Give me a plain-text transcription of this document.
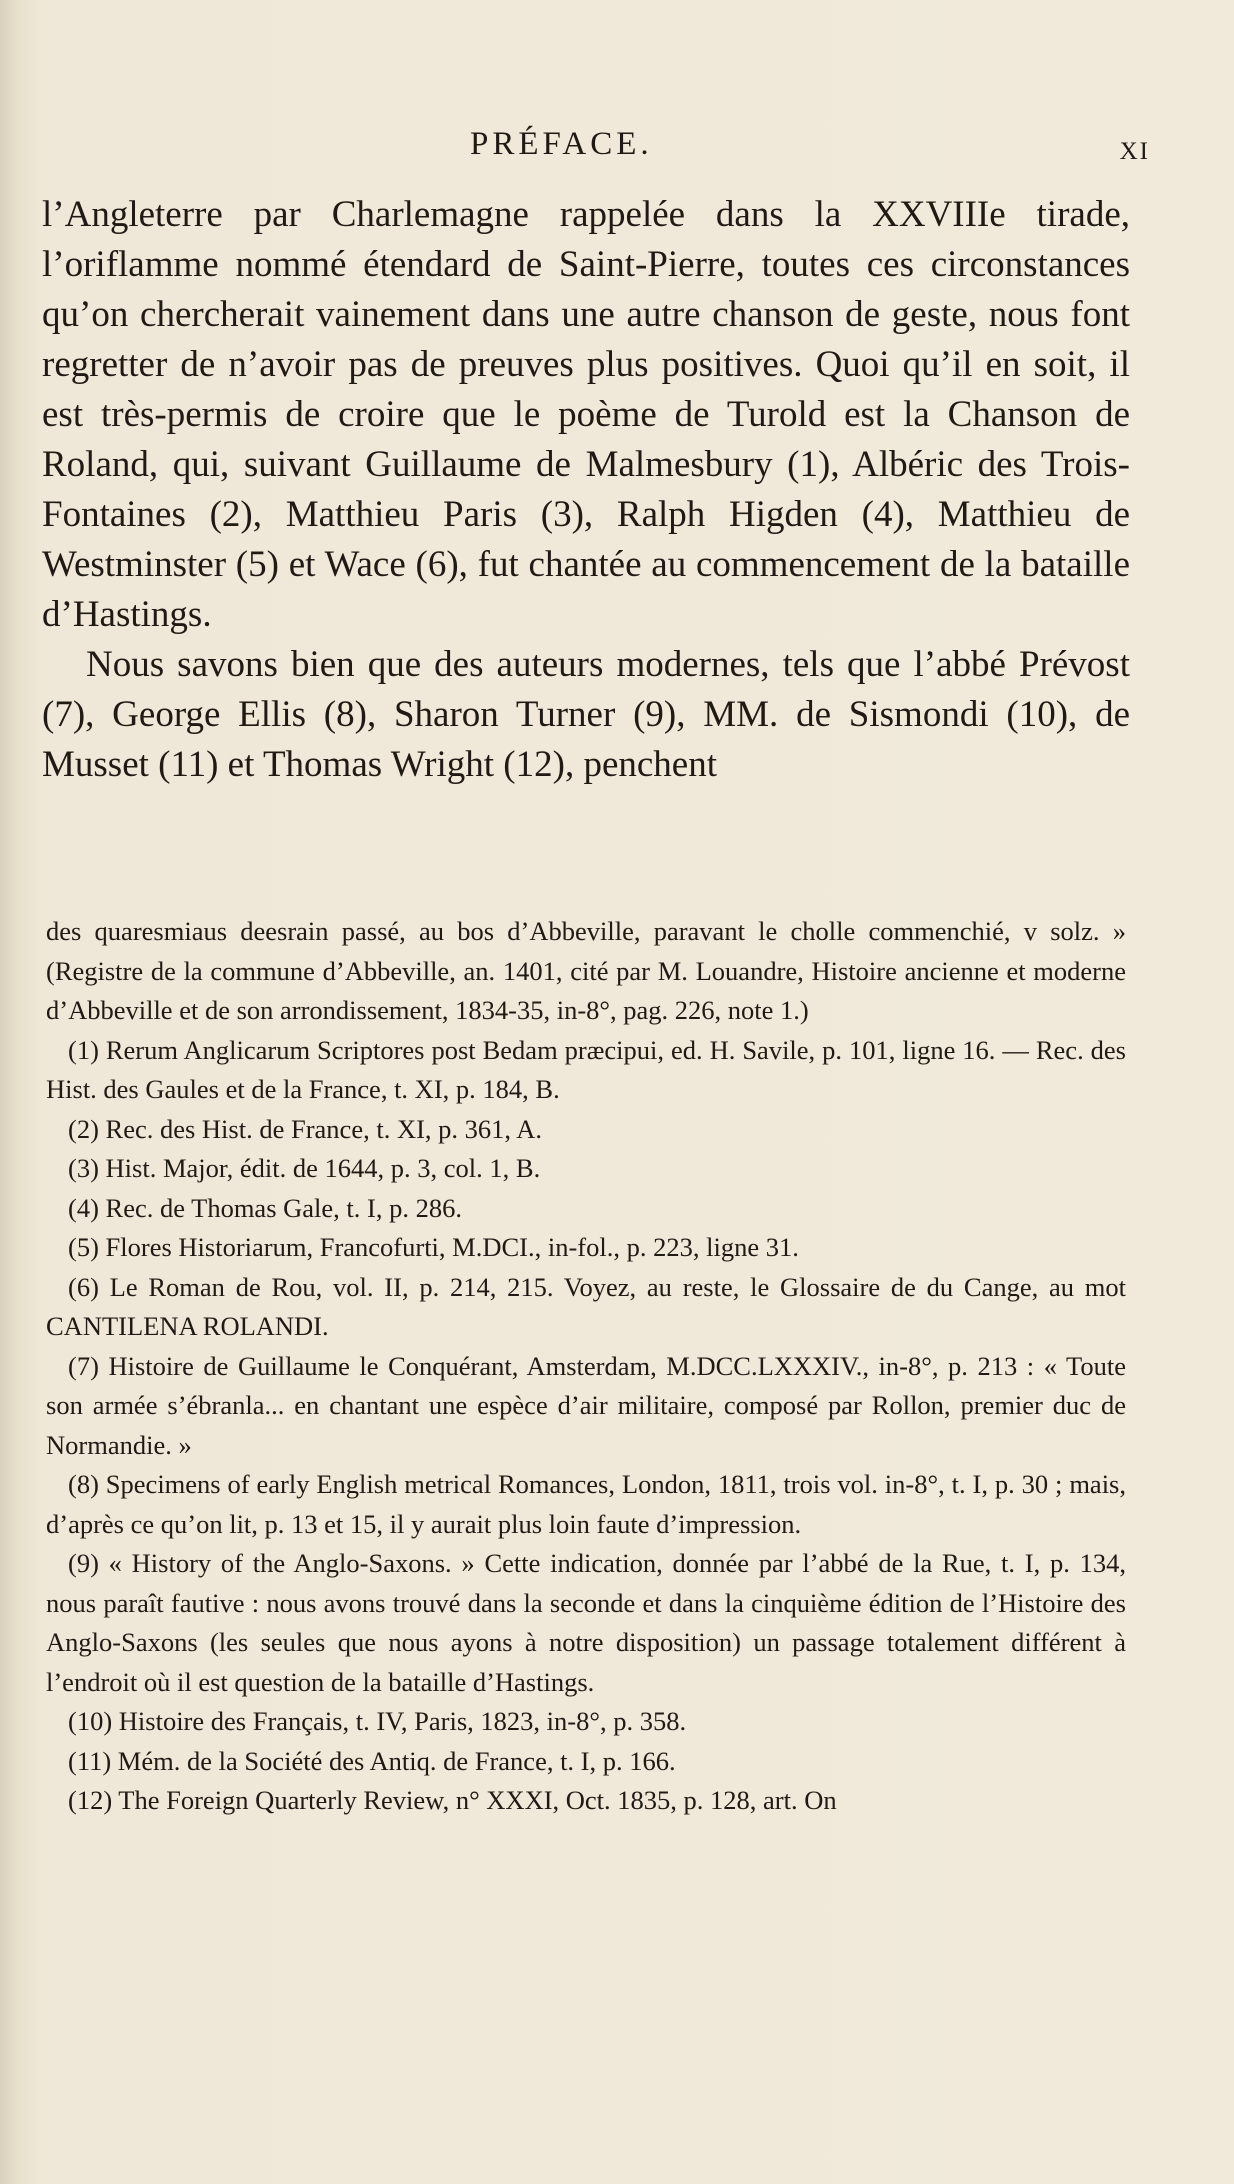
PRÉFACE.	XI

l’Angleterre par Charlemagne rappelée dans la XXVIIIe tirade, l’oriflamme nommé étendard de Saint-Pierre, toutes ces circonstances qu’on chercherait vainement dans une autre chanson de geste, nous font regretter de n’avoir pas de preuves plus positives. Quoi qu’il en soit, il est très-permis de croire que le poème de Turold est la Chanson de Roland, qui, suivant Guillaume de Malmesbury (1), Albéric des Trois-Fontaines (2), Matthieu Paris (3), Ralph Higden (4), Matthieu de Westminster (5) et Wace (6), fut chantée au commencement de la bataille d’Hastings.

Nous savons bien que des auteurs modernes, tels que l’abbé Prévost (7), George Ellis (8), Sharon Turner (9), MM. de Sismondi (10), de Musset (11) et Thomas Wright (12), penchent

des quaresmiaus deesrain passé, au bos d’Abbeville, paravant le cholle commenchié, v solz. » (Registre de la commune d’Abbeville, an. 1401, cité par M. Louandre, Histoire ancienne et moderne d’Abbeville et de son arrondissement, 1834-35, in-8°, pag. 226, note 1.)

(1) Rerum Anglicarum Scriptores post Bedam præcipui, ed. H. Savile, p. 101, ligne 16. — Rec. des Hist. des Gaules et de la France, t. XI, p. 184, B.

(2) Rec. des Hist. de France, t. XI, p. 361, A.

(3) Hist. Major, édit. de 1644, p. 3, col. 1, B.

(4) Rec. de Thomas Gale, t. I, p. 286.

(5) Flores Historiarum, Francofurti, M.DCI., in-fol., p. 223, ligne 31.

(6) Le Roman de Rou, vol. II, p. 214, 215. Voyez, au reste, le Glossaire de du Cange, au mot CANTILENA ROLANDI.

(7) Histoire de Guillaume le Conquérant, Amsterdam, M.DCC.LXXXIV., in-8°, p. 213 : « Toute son armée s’ébranla... en chantant une espèce d’air militaire, composé par Rollon, premier duc de Normandie. »

(8) Specimens of early English metrical Romances, London, 1811, trois vol. in-8°, t. I, p. 30 ; mais, d’après ce qu’on lit, p. 13 et 15, il y aurait plus loin faute d’impression.

(9) « History of the Anglo-Saxons. » Cette indication, donnée par l’abbé de la Rue, t. I, p. 134, nous paraît fautive : nous avons trouvé dans la seconde et dans la cinquième édition de l’Histoire des Anglo-Saxons (les seules que nous ayons à notre disposition) un passage totalement différent à l’endroit où il est question de la bataille d’Hastings.

(10) Histoire des Français, t. IV, Paris, 1823, in-8°, p. 358.

(11) Mém. de la Société des Antiq. de France, t. I, p. 166.

(12) The Foreign Quarterly Review, n° XXXI, Oct. 1835, p. 128, art. On
